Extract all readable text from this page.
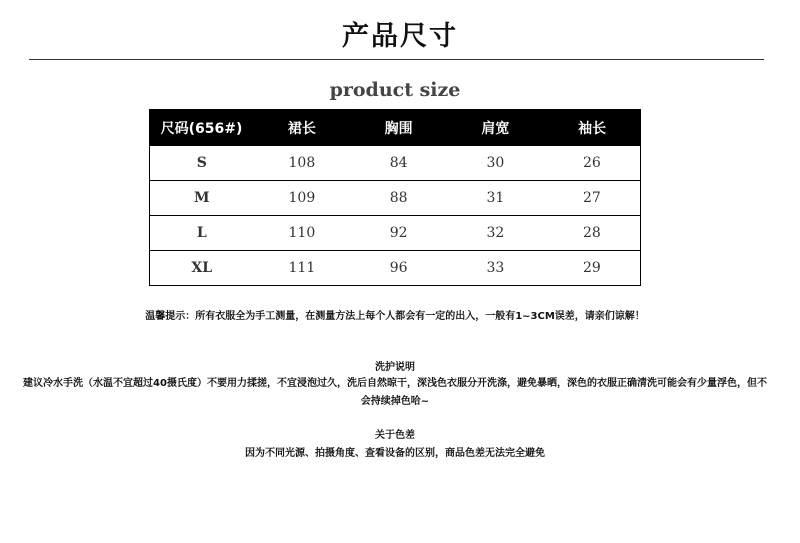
产品尺寸
product size
尺码(656#)	裙长	胸围	肩宽	袖长
S	108	84	30	26
M	109	88	31	27
L	110	92	32	28
XL	111	96	33	29
温馨提示：所有衣服全为手工测量，在测量方法上每个人都会有一定的出入，一般有1~3CM误差，请亲们谅解！
洗护说明
建议冷水手洗（水温不宜超过40摄氏度）不要用力揉搓，不宜浸泡过久，洗后自然晾干，深浅色衣服分开洗涤，避免暴晒，深色的衣服正确清洗可能会有少量浮色，但不会持续掉色哈~
关于色差
因为不同光源、拍摄角度、查看设备的区别，商品色差无法完全避免
